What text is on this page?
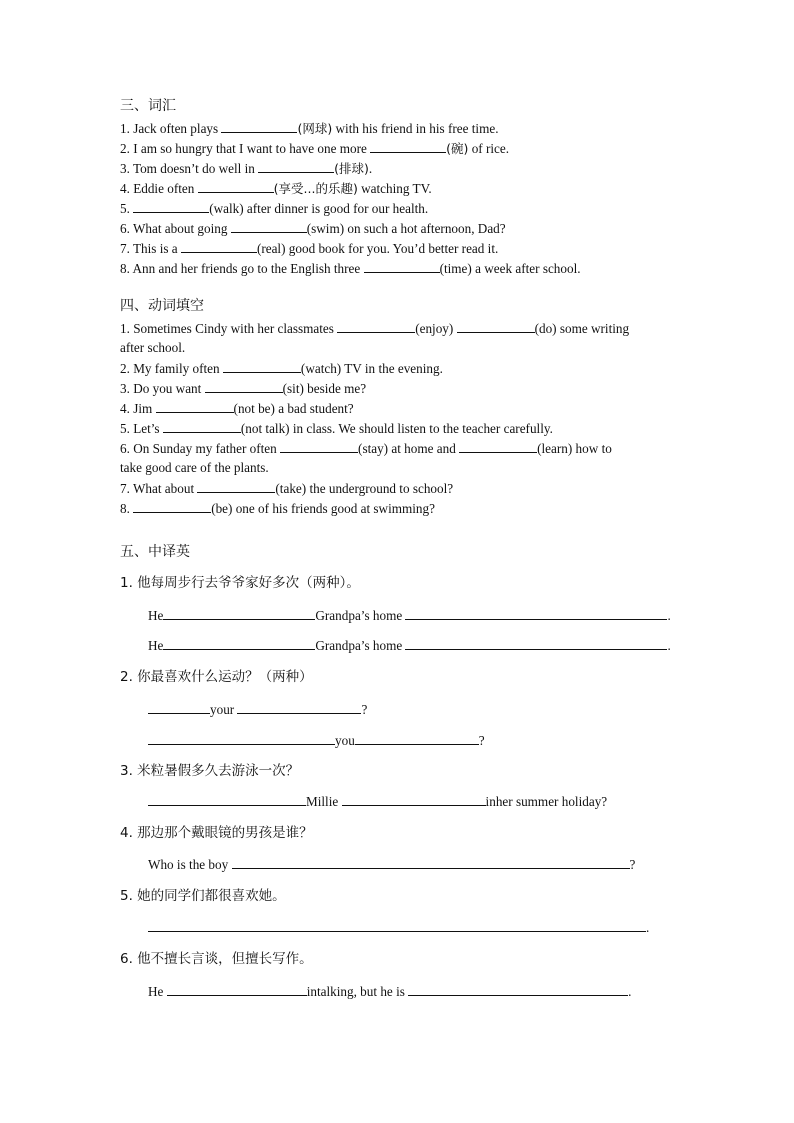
三、词汇
1. Jack often plays	(网球) with his friend in his free time.
2. I am so hungry that I want to have one more	(碗) of rice.
3. Tom doesn’t do well in	(排球).
4. Eddie often	(享受...的乐趣) watching TV.
5.	(walk) after dinner is good for our health.
6. What about going	(swim) on such a hot afternoon, Dad?
7. This is a	(real) good book for you. You’d better read it.
8. Ann and her friends go to the English three	(time) a week after school.
四、动词填空
1. Sometimes Cindy with her classmates	(enjoy)	(do) some writing
after school.
2. My family often	(watch) TV in the evening.
3. Do you want	(sit) beside me?
4. Jim	(not be) a bad student?
5. Let’s	(not talk) in class. We should listen to the teacher carefully.
6. On Sunday my father often	(stay) at home and	(learn) how to
take good care of the plants.
7. What about	(take) the underground to school?
8.	(be) one of his friends good at swimming?
五、中译英
1. 他每周步行去爷爷家好多次（两种）。
He	Grandpa’s home	.
He	Grandpa’s home	.
2. 你最喜欢什么运动？（两种）
your	?
you	?
3. 米粒暑假多久去游泳一次？
Millie	inher summer holiday?
4. 那边那个戴眼镜的男孩是谁？
Who is the boy	?
5. 她的同学们都很喜欢她。
.
6. 他不擅长言谈，但擅长写作。
He	intalking, but he is	.
